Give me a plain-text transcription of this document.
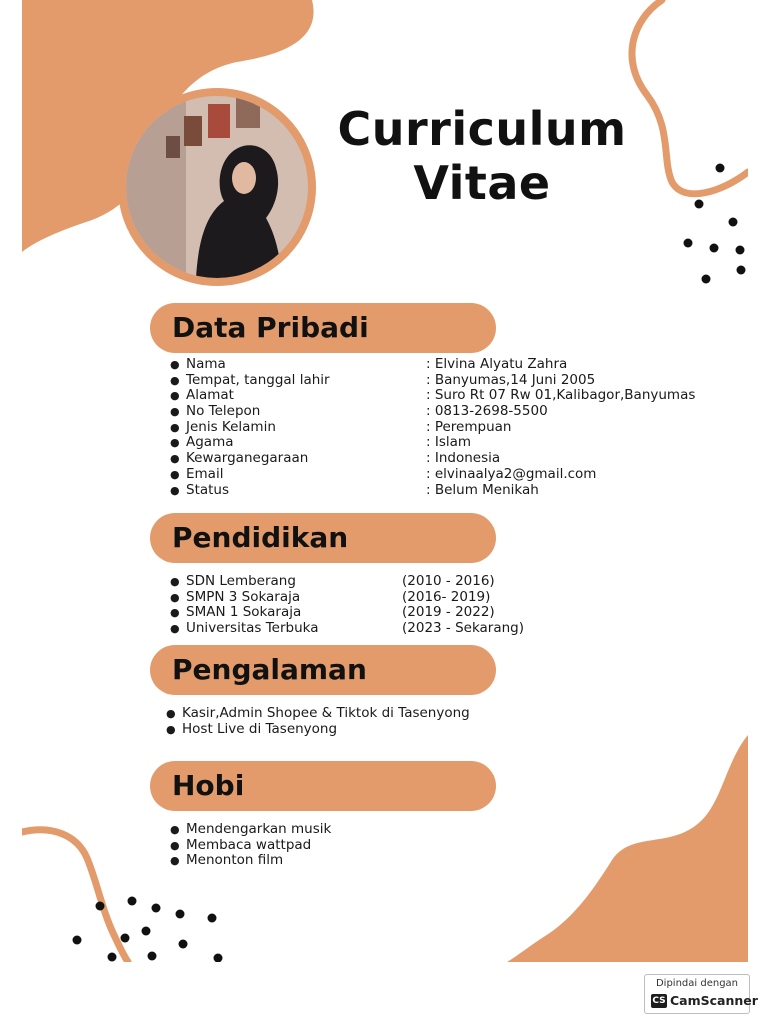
Curriculum
Vitae
Data Pribadi
● Nama	: Elvina Alyatu Zahra
● Tempat, tanggal lahir	: Banyumas,14 Juni 2005
● Alamat	: Suro Rt 07 Rw 01,Kalibagor,Banyumas
● No Telepon	: 0813-2698-5500
● Jenis Kelamin	: Perempuan
● Agama	: Islam
● Kewarganegaraan	: Indonesia
● Email	: elvinaalya2@gmail.com
● Status	: Belum Menikah
Pendidikan
● SDN Lemberang	(2010 - 2016)
● SMPN 3 Sokaraja	(2016- 2019)
● SMAN 1 Sokaraja	(2019 - 2022)
● Universitas Terbuka	(2023 - Sekarang)
Pengalaman
● Kasir,Admin Shopee & Tiktok di Tasenyong
● Host Live di Tasenyong
Hobi
● Mendengarkan musik
● Membaca wattpad
● Menonton film
Dipindai dengan
CS CamScanner
